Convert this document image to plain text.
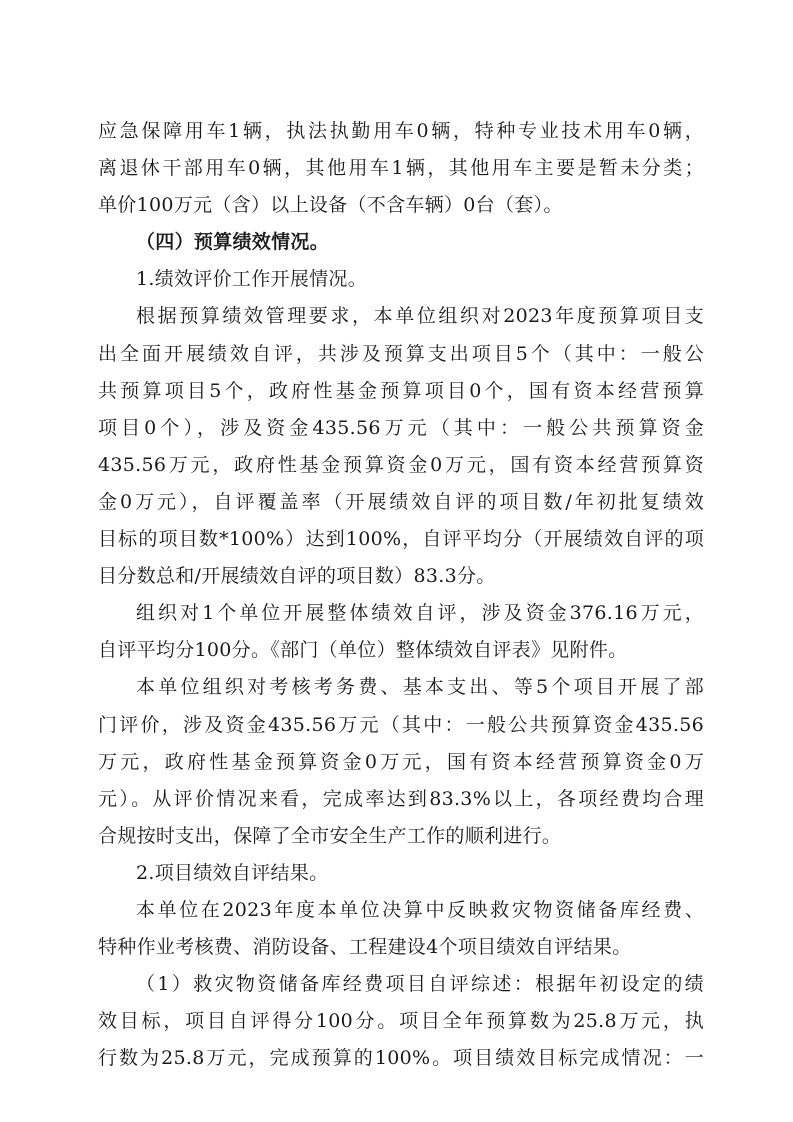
应急保障用车1辆，执法执勤用车0辆，特种专业技术用车0辆，
离退休干部用车0辆，其他用车1辆，其他用车主要是暂未分类；
单价100万元（含）以上设备（不含车辆）0台（套）。
（四）预算绩效情况。
1.绩效评价工作开展情况。
根据预算绩效管理要求，本单位组织对2023年度预算项目支
出全面开展绩效自评，共涉及预算支出项目5个（其中：一般公
共预算项目5个，政府性基金预算项目0个，国有资本经营预算
项目0个），涉及资金435.56万元（其中：一般公共预算资金
435.56万元，政府性基金预算资金0万元，国有资本经营预算资
金0万元），自评覆盖率（开展绩效自评的项目数/年初批复绩效
目标的项目数*100%）达到100%，自评平均分（开展绩效自评的项
目分数总和/开展绩效自评的项目数）83.3分。
组织对1个单位开展整体绩效自评，涉及资金376.16万元，
自评平均分100分。《部门（单位）整体绩效自评表》见附件。
本单位组织对考核考务费、基本支出、等5个项目开展了部
门评价，涉及资金435.56万元（其中：一般公共预算资金435.56
万元，政府性基金预算资金0万元，国有资本经营预算资金0万
元）。从评价情况来看，完成率达到83.3%以上，各项经费均合理
合规按时支出，保障了全市安全生产工作的顺利进行。
2.项目绩效自评结果。
本单位在2023年度本单位决算中反映救灾物资储备库经费、
特种作业考核费、消防设备、工程建设4个项目绩效自评结果。
（1）救灾物资储备库经费项目自评综述：根据年初设定的绩
效目标，项目自评得分100分。项目全年预算数为25.8万元，执
行数为25.8万元，完成预算的100%。项目绩效目标完成情况：一
